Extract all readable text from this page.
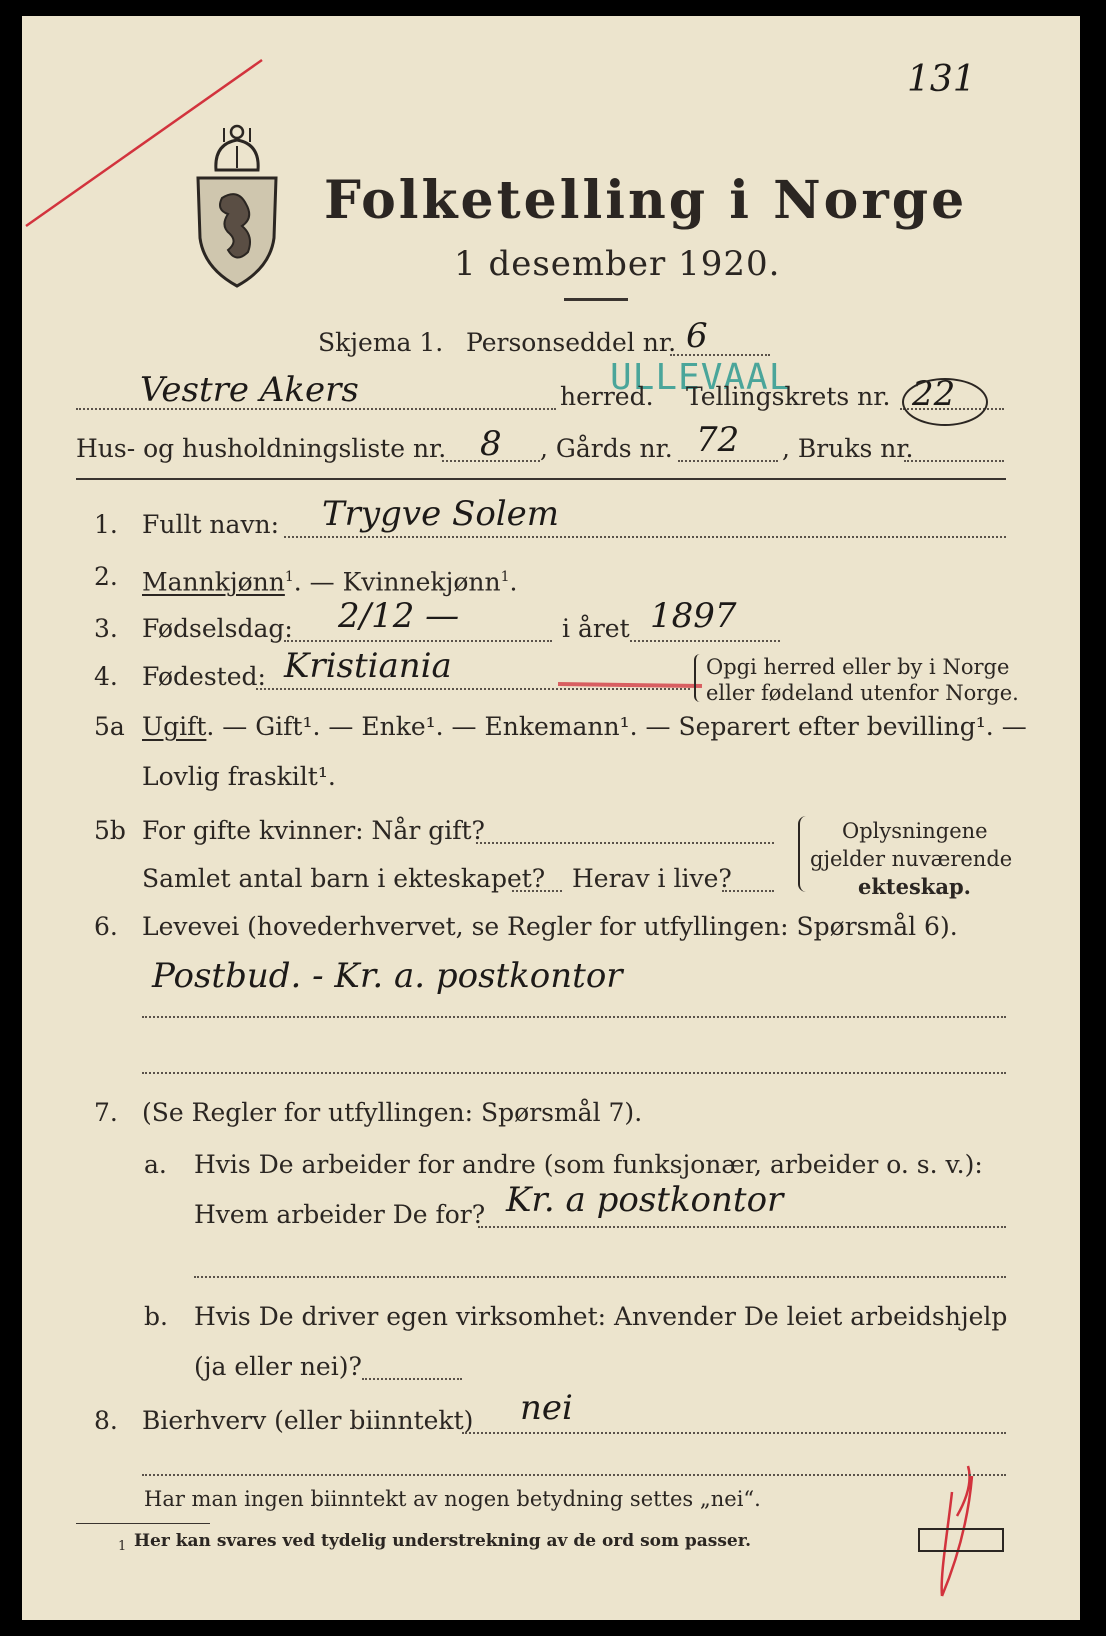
131
Folketelling i Norge
1 desember 1920.
Skjema 1. Personseddel nr. 6
ULLEVAAL
Vestre Akers	herred. Tellingskrets nr. 22
Hus- og husholdningsliste nr. 8 , Gårds nr. 72 , Bruks nr.
1. Fullt navn: Trygve Solem
2. Mannkjønn$^1$. — Kvinnekjønn$^1$.
3. Fødselsdag: 2/12 —	i året 1897
4. Fødested: Kristiania	Opgi herred eller by i Norge
eller fødeland utenfor Norge.
5a Ugift. — Gift¹. — Enke¹. — Enkemann¹. — Separert efter bevilling¹. —
Lovlig fraskilt¹.
5b For gifte kvinner: Når gift?
Samlet antal barn i ekteskapet? Herav i live?
Oplysningene
gjelder nuværende
ekteskap.
6. Levevei (hovederhvervet, se Regler for utfyllingen: Spørsmål 6).
Postbud. - Kr. a. postkontor
7. (Se Regler for utfyllingen: Spørsmål 7).
a. Hvis De arbeider for andre (som funksjonær, arbeider o. s. v.):
Hvem arbeider De for? Kr. a postkontor
b. Hvis De driver egen virksomhet: Anvender De leiet arbeidshjelp
(ja eller nei)?
8. Bierhverv (eller biinntekt) nei
Har man ingen biinntekt av nogen betydning settes „nei“.
1 Her kan svares ved tydelig understrekning av de ord som passer.
